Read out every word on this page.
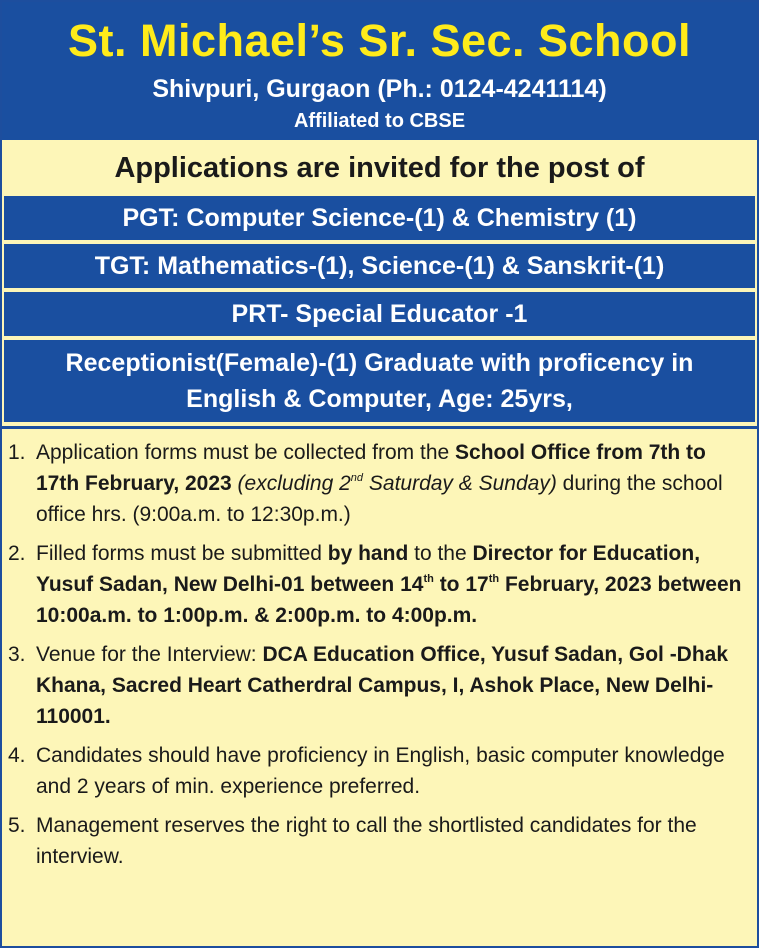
St. Michael’s Sr. Sec. School
Shivpuri, Gurgaon (Ph.: 0124-4241114)
Affiliated to CBSE
Applications are invited for the post of
PGT: Computer Science-(1) & Chemistry (1)
TGT: Mathematics-(1), Science-(1) & Sanskrit-(1)
PRT- Special Educator -1
Receptionist(Female)-(1) Graduate with proficency in
English & Computer, Age: 25yrs,
1. Application forms must be collected from the School Office from 7th to 17th February, 2023 (excluding 2nd Saturday & Sunday) during the school office hrs. (9:00a.m. to 12:30p.m.)
2. Filled forms must be submitted by hand to the Director for Education, Yusuf Sadan, New Delhi-01 between 14th to 17th February, 2023 between 10:00a.m. to 1:00p.m. & 2:00p.m. to 4:00p.m.
3. Venue for the Interview: DCA Education Office, Yusuf Sadan, Gol -Dhak Khana, Sacred Heart Catherdral Campus, I, Ashok Place, New Delhi-110001.
4. Candidates should have proficiency in English, basic computer knowledge and 2 years of min. experience preferred.
5. Management reserves the right to call the shortlisted candidates for the interview.
